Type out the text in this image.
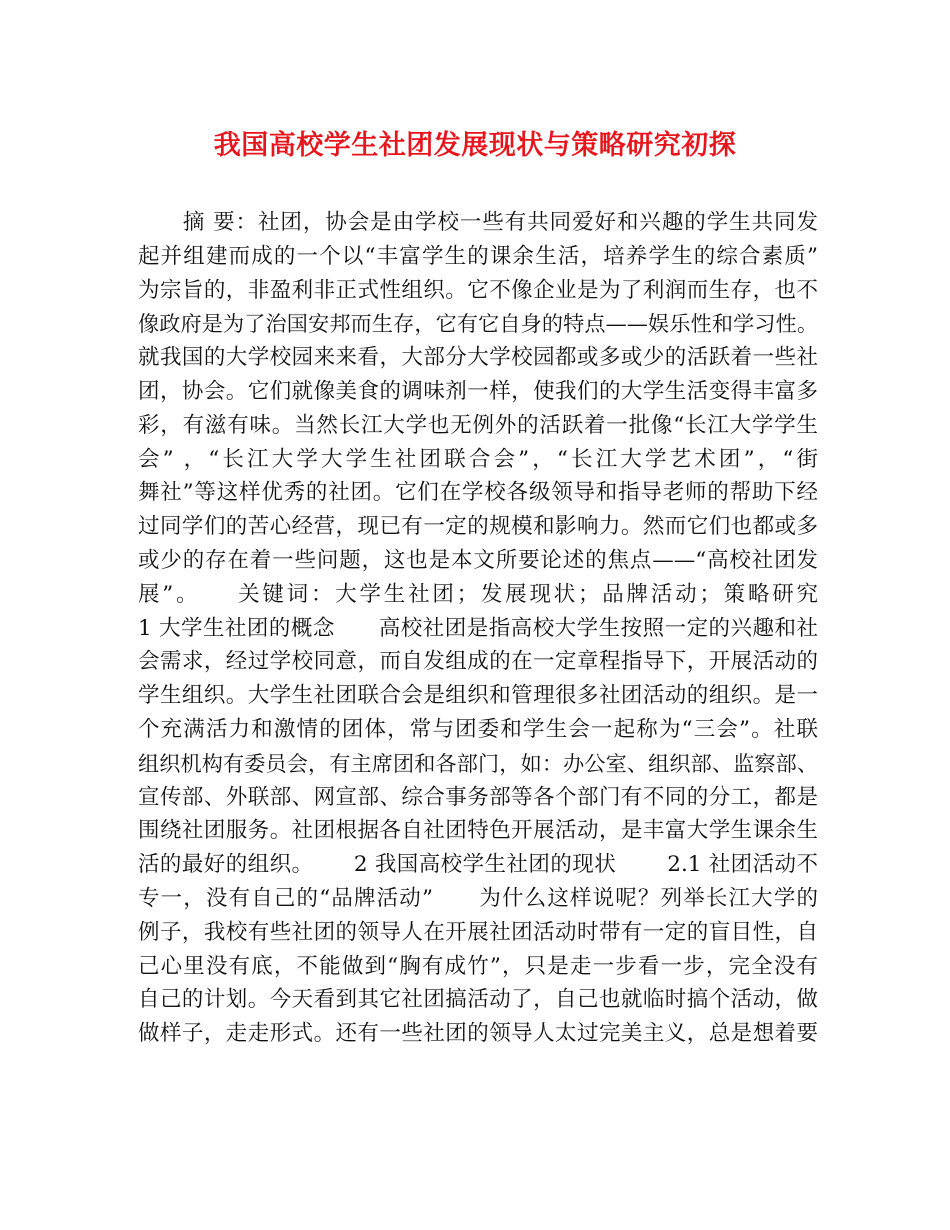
我国高校学生社团发展现状与策略研究初探
　　摘 要：社团，协会是由学校一些有共同爱好和兴趣的学生共同发
起并组建而成的一个以“丰富学生的课余生活，培养学生的综合素质”
为宗旨的，非盈利非正式性组织。它不像企业是为了利润而生存，也不
像政府是为了治国安邦而生存，它有它自身的特点——娱乐性和学习性。
就我国的大学校园来来看，大部分大学校园都或多或少的活跃着一些社
团，协会。它们就像美食的调味剂一样，使我们的大学生活变得丰富多
彩，有滋有味。当然长江大学也无例外的活跃着一批像“长江大学学生
会” ，“长江大学大学生社团联合会”，“长江大学艺术团”，“街
舞社”等这样优秀的社团。它们在学校各级领导和指导老师的帮助下经
过同学们的苦心经营，现已有一定的规模和影响力。然而它们也都或多
或少的存在着一些问题，这也是本文所要论述的焦点——“高校社团发
展”。　　关键词：大学生社团；发展现状；品牌活动；策略研究
1 大学生社团的概念　　高校社团是指高校大学生按照一定的兴趣和社
会需求，经过学校同意，而自发组成的在一定章程指导下，开展活动的
学生组织。大学生社团联合会是组织和管理很多社团活动的组织。是一
个充满活力和激情的团体，常与团委和学生会一起称为“三会”。社联
组织机构有委员会，有主席团和各部门，如：办公室、组织部、监察部、
宣传部、外联部、网宣部、综合事务部等各个部门有不同的分工，都是
围绕社团服务。社团根据各自社团特色开展活动，是丰富大学生课余生
活的最好的组织。　　 2 我国高校学生社团的现状　　 2.1 社团活动不
专一，没有自己的“品牌活动”　　为什么这样说呢？列举长江大学的
例子，我校有些社团的领导人在开展社团活动时带有一定的盲目性，自
己心里没有底，不能做到“胸有成竹”，只是走一步看一步，完全没有
自己的计划。今天看到其它社团搞活动了，自己也就临时搞个活动，做
做样子，走走形式。还有一些社团的领导人太过完美主义，总是想着要
